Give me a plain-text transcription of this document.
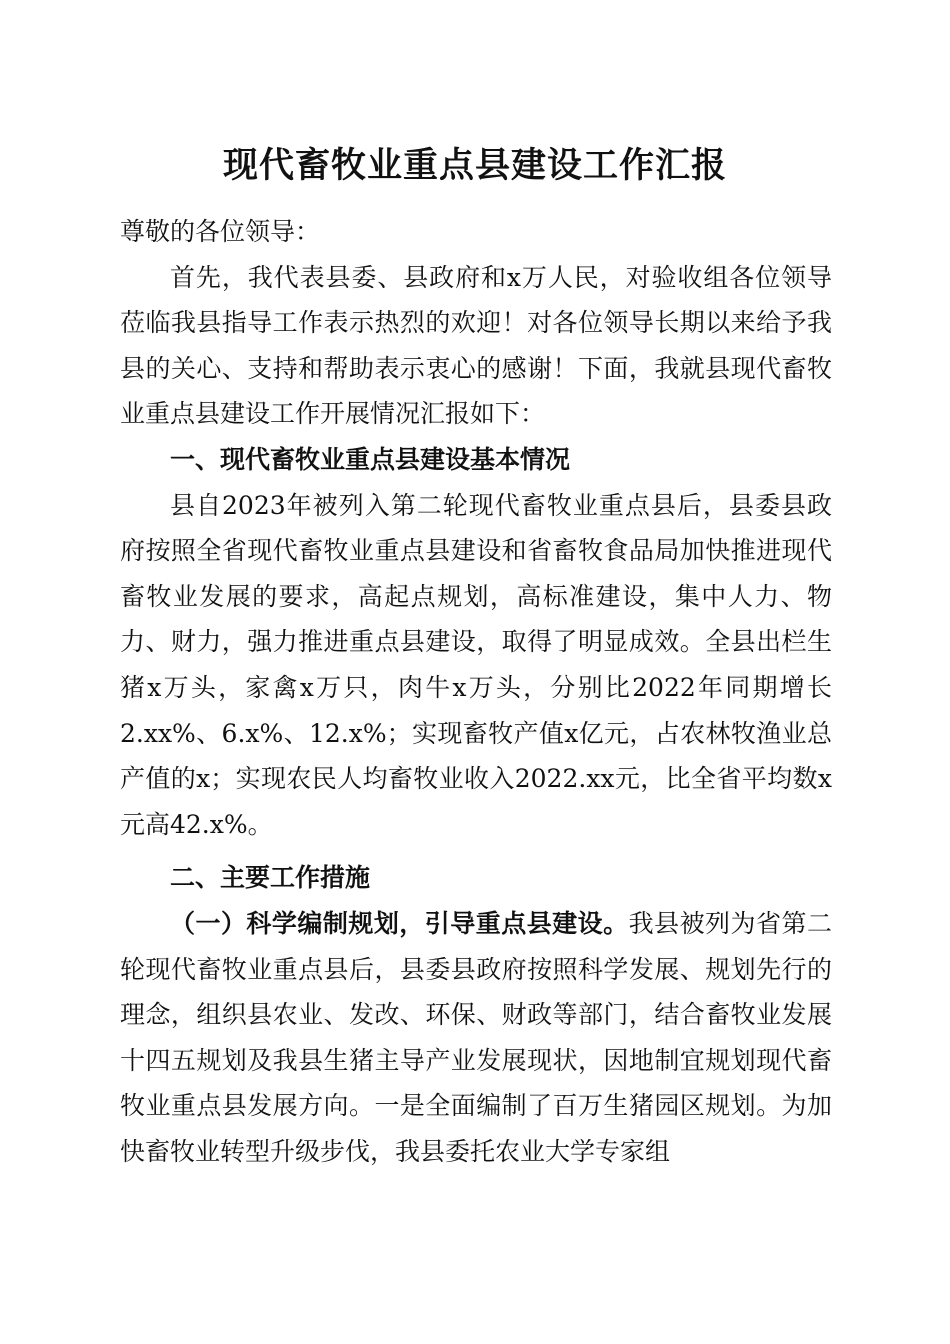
现代畜牧业重点县建设工作汇报

尊敬的各位领导：

首先，我代表县委、县政府和x万人民，对验收组各位领导莅临我县指导工作表示热烈的欢迎！对各位领导长期以来给予我县的关心、支持和帮助表示衷心的感谢！下面，我就县现代畜牧业重点县建设工作开展情况汇报如下：

一、现代畜牧业重点县建设基本情况

县自2023年被列入第二轮现代畜牧业重点县后，县委县政府按照全省现代畜牧业重点县建设和省畜牧食品局加快推进现代畜牧业发展的要求，高起点规划，高标准建设，集中人力、物力、财力，强力推进重点县建设，取得了明显成效。全县出栏生猪x万头，家禽x万只，肉牛x万头，分别比2022年同期增长2.xx%、6.x%、12.x%；实现畜牧产值x亿元，占农林牧渔业总产值的x；实现农民人均畜牧业收入2022.xx元，比全省平均数x元高42.x%。

二、主要工作措施

（一）科学编制规划，引导重点县建设。我县被列为省第二轮现代畜牧业重点县后，县委县政府按照科学发展、规划先行的理念，组织县农业、发改、环保、财政等部门，结合畜牧业发展十四五规划及我县生猪主导产业发展现状，因地制宜规划现代畜牧业重点县发展方向。一是全面编制了百万生猪园区规划。为加快畜牧业转型升级步伐，我县委托农业大学专家组
